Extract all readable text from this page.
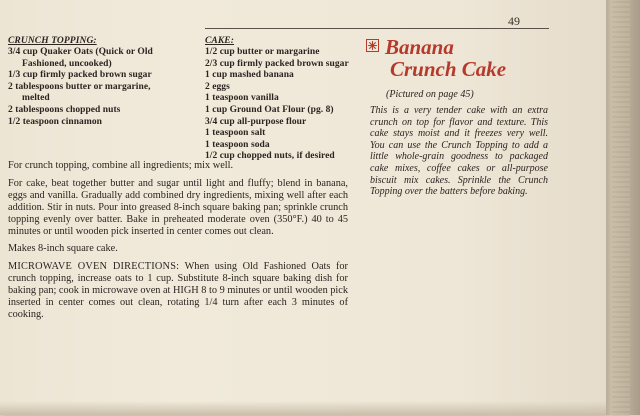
49
CRUNCH TOPPING:
3/4 cup Quaker Oats (Quick or Old
Fashioned, uncooked)
1/3 cup firmly packed brown sugar
2 tablespoons butter or margarine,
melted
2 tablespoons chopped nuts
1/2 teaspoon cinnamon
CAKE:
1/2 cup butter or margarine
2/3 cup firmly packed brown sugar
1 cup mashed banana
2 eggs
1 teaspoon vanilla
1 cup Ground Oat Flour (pg. 8)
3/4 cup all-purpose flour
1 teaspoon salt
1 teaspoon soda
1/2 cup chopped nuts, if desired

For crunch topping, combine all ingredients; mix well.

For cake, beat together butter and sugar until light and fluffy; blend in banana, eggs and vanilla. Gradually add combined dry ingredients, mixing well after each addition. Stir in nuts. Pour into greased 8-inch square baking pan; sprinkle crunch topping evenly over batter. Bake in preheated moderate oven (350°F.) 40 to 45 minutes or until wooden pick inserted in center comes out clean.

Makes 8-inch square cake.

MICROWAVE OVEN DIRECTIONS: When using Old Fashioned Oats for crunch topping, increase oats to 1 cup. Substitute 8-inch square baking dish for baking pan; cook in microwave oven at HIGH 8 to 9 minutes or until wooden pick inserted in center comes out clean, rotating 1/4 turn after each 3 minutes of cooking.

Banana
Crunch Cake
(Pictured on page 45)
This is a very tender cake with an extra crunch on top for flavor and texture. This cake stays moist and it freezes very well. You can use the Crunch Topping to add a little whole-grain goodness to packaged cake mixes, coffee cakes or all-purpose biscuit mix cakes. Sprinkle the Crunch Topping over the batters before baking.
